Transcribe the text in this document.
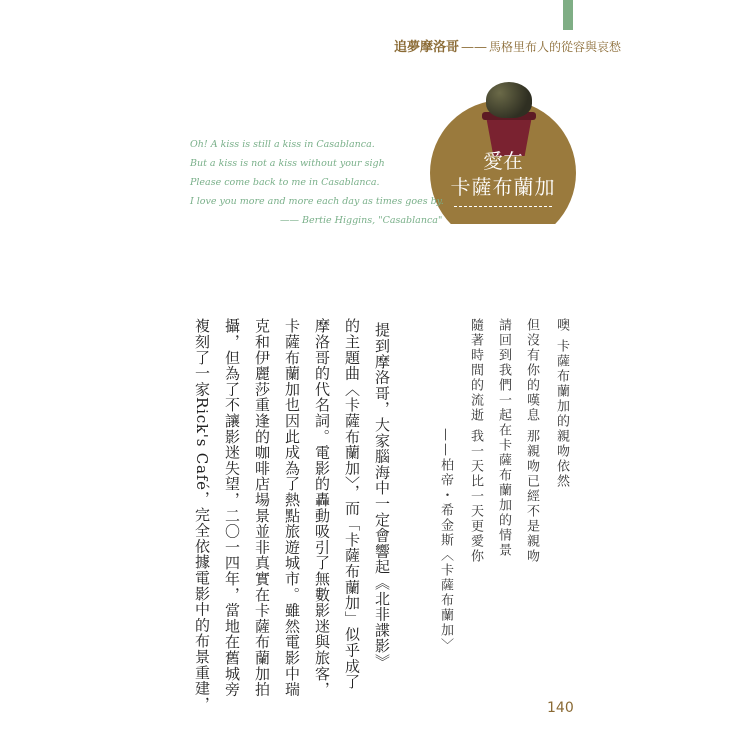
追夢摩洛哥 —— 馬格里布人的從容與哀愁
愛在
卡薩布蘭加
Oh! A kiss is still a kiss in Casablanca.
But a kiss is not a kiss without your sigh
Please come back to me in Casablanca.
I love you more and more each day as times goes by.
—— Bertie Higgins, "Casablanca"
噢 卡薩布蘭加的親吻依然
但沒有你的嘆息 那親吻已經不是親吻
請回到我們一起在卡薩布蘭加的情景
隨著時間的流逝 我一天比一天更愛你
——柏帝・希金斯〈卡薩布蘭加〉
提到摩洛哥，大家腦海中一定會響起《北非諜影》
的主題曲〈卡薩布蘭加〉，而「卡薩布蘭加」似乎成了
摩洛哥的代名詞。電影的轟動吸引了無數影迷與旅客，
卡薩布蘭加也因此成為了熱點旅遊城市。雖然電影中瑞
克和伊麗莎重逢的咖啡店場景並非真實在卡薩布蘭加拍
攝，但為了不讓影迷失望，二〇一四年，當地在舊城旁
複刻了一家Rick's Café，完全依據電影中的布景重建，	140
